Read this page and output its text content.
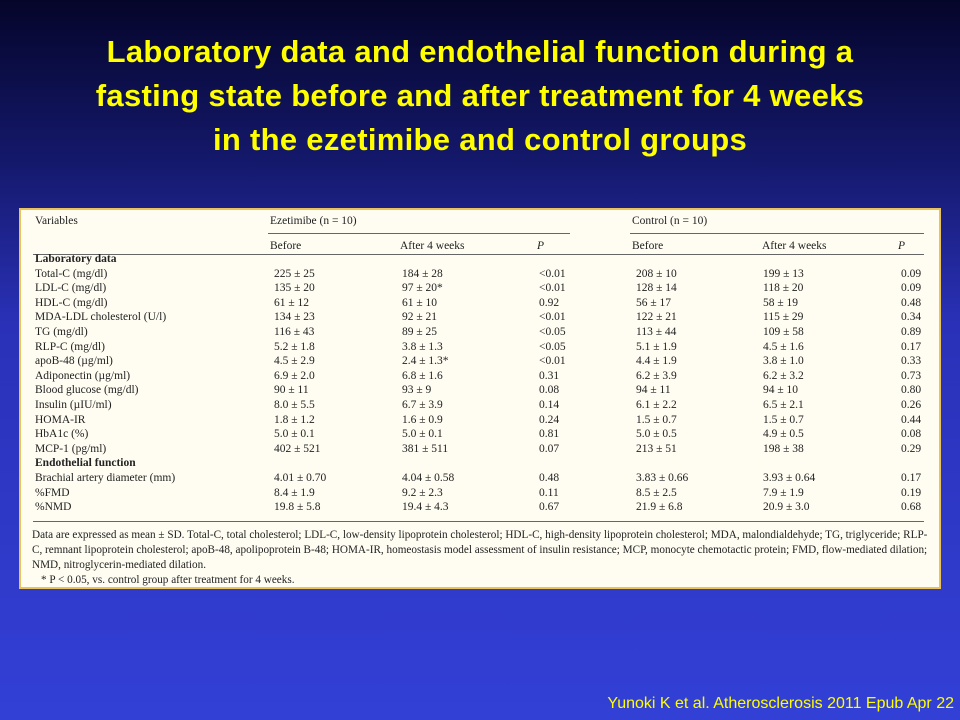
Laboratory data and endothelial function during a
fasting state before and after treatment for 4 weeks
in the ezetimibe and control groups
Variables	Ezetimibe (n = 10)	Control (n = 10)
Before	After 4 weeks	P	Before	After 4 weeks	P
Laboratory data
Total-C (mg/dl)	225 ± 25	184 ± 28	<0.01	208 ± 10	199 ± 13	0.09
LDL-C (mg/dl)	135 ± 20	97 ± 20*	<0.01	128 ± 14	118 ± 20	0.09
HDL-C (mg/dl)	61 ± 12	61 ± 10	0.92	56 ± 17	58 ± 19	0.48
MDA-LDL cholesterol (U/l)	134 ± 23	92 ± 21	<0.01	122 ± 21	115 ± 29	0.34
TG (mg/dl)	116 ± 43	89 ± 25	<0.05	113 ± 44	109 ± 58	0.89
RLP-C (mg/dl)	5.2 ± 1.8	3.8 ± 1.3	<0.05	5.1 ± 1.9	4.5 ± 1.6	0.17
apoB-48 (µg/ml)	4.5 ± 2.9	2.4 ± 1.3*	<0.01	4.4 ± 1.9	3.8 ± 1.0	0.33
Adiponectin (µg/ml)	6.9 ± 2.0	6.8 ± 1.6	0.31	6.2 ± 3.9	6.2 ± 3.2	0.73
Blood glucose (mg/dl)	90 ± 11	93 ± 9	0.08	94 ± 11	94 ± 10	0.80
Insulin (µIU/ml)	8.0 ± 5.5	6.7 ± 3.9	0.14	6.1 ± 2.2	6.5 ± 2.1	0.26
HOMA-IR	1.8 ± 1.2	1.6 ± 0.9	0.24	1.5 ± 0.7	1.5 ± 0.7	0.44
HbA1c (%)	5.0 ± 0.1	5.0 ± 0.1	0.81	5.0 ± 0.5	4.9 ± 0.5	0.08
MCP-1 (pg/ml)	402 ± 521	381 ± 511	0.07	213 ± 51	198 ± 38	0.29
Endothelial function
Brachial artery diameter (mm)	4.01 ± 0.70	4.04 ± 0.58	0.48	3.83 ± 0.66	3.93 ± 0.64	0.17
%FMD	8.4 ± 1.9	9.2 ± 2.3	0.11	8.5 ± 2.5	7.9 ± 1.9	0.19
%NMD	19.8 ± 5.8	19.4 ± 4.3	0.67	21.9 ± 6.8	20.9 ± 3.0	0.68
Data are expressed as mean ± SD. Total-C, total cholesterol; LDL-C, low-density lipoprotein cholesterol; HDL-C, high-density lipoprotein cholesterol; MDA, malondialdehyde; TG, triglyceride; RLP-C, remnant lipoprotein cholesterol; apoB-48, apolipoprotein B-48; HOMA-IR, homeostasis model assessment of insulin resistance; MCP, monocyte chemotactic protein; FMD, flow-mediated dilation; NMD, nitroglycerin-mediated dilation.
* P < 0.05, vs. control group after treatment for 4 weeks.
Yunoki K et al. Atherosclerosis 2011 Epub Apr 22
